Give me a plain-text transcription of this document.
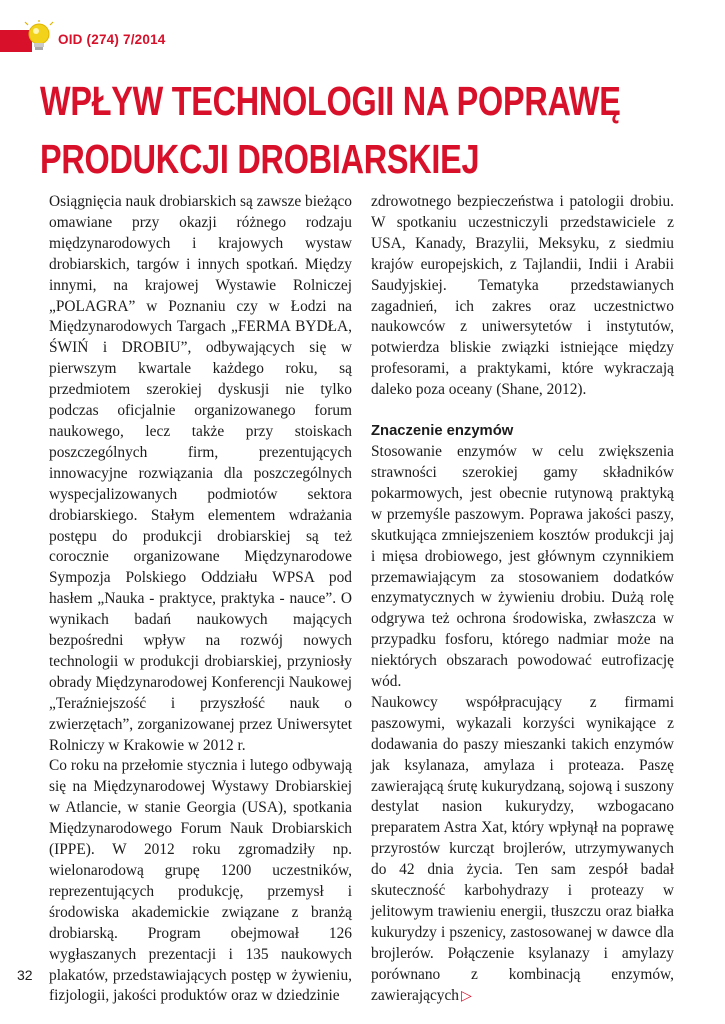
OID (274) 7/2014
WPŁYW TECHNOLOGII NA POPRAWĘ
PRODUKCJI DROBIARSKIEJ

Osiągnięcia nauk drobiarskich są zawsze bieżąco omawiane przy okazji różnego rodzaju międzynarodowych i krajowych wystaw drobiarskich, targów i innych spotkań. Między innymi, na krajowej Wystawie Rolniczej „POLAGRA” w Poznaniu czy w Łodzi na Międzynarodowych Targach „FERMA BYDŁA, ŚWIŃ i DROBIU”, odbywających się w pierwszym kwartale każdego roku, są przedmiotem szerokiej dyskusji nie tylko podczas oficjalnie organizowanego forum naukowego, lecz także przy stoiskach poszczególnych firm, prezentujących innowacyjne rozwiązania dla poszczególnych wyspecjalizowanych podmiotów sektora drobiarskiego. Stałym elementem wdrażania postępu do produkcji drobiarskiej są też corocznie organizowane Międzynarodowe Sympozja Polskiego Oddziału WPSA pod hasłem „Nauka - praktyce, praktyka - nauce”. O wynikach badań naukowych mających bezpośredni wpływ na rozwój nowych technologii w produkcji drobiarskiej, przyniosły obrady Międzynarodowej Konferencji Naukowej „Teraźniejszość i przyszłość nauk o zwierzętach”, zorganizowanej przez Uniwersytet Rolniczy w Krakowie w 2012 r.

Co roku na przełomie stycznia i lutego odbywają się na Międzynarodowej Wystawy Drobiarskiej w Atlancie, w stanie Georgia (USA), spotkania Międzynarodowego Forum Nauk Drobiarskich (IPPE). W 2012 roku zgromadziły np. wielonarodową grupę 1200 uczestników, reprezentujących produkcję, przemysł i środowiska akademickie związane z branżą drobiarską. Program obejmował 126 wygłaszanych prezentacji i 135 naukowych plakatów, przedstawiających postęp w żywieniu, fizjologii, jakości produktów oraz w dziedzinie

zdrowotnego bezpieczeństwa i patologii drobiu. W spotkaniu uczestniczyli przedstawiciele z USA, Kanady, Brazylii, Meksyku, z siedmiu krajów europejskich, z Tajlandii, Indii i Arabii Saudyjskiej. Tematyka przedstawianych zagadnień, ich zakres oraz uczestnictwo naukowców z uniwersytetów i instytutów, potwierdza bliskie związki istniejące między profesorami, a praktykami, które wykraczają daleko poza oceany (Shane, 2012).

Znaczenie enzymów

Stosowanie enzymów w celu zwiększenia strawności szerokiej gamy składników pokarmowych, jest obecnie rutynową praktyką w przemyśle paszowym. Poprawa jakości paszy, skutkująca zmniejszeniem kosztów produkcji jaj i mięsa drobiowego, jest głównym czynnikiem przemawiającym za stosowaniem dodatków enzymatycznych w żywieniu drobiu. Dużą rolę odgrywa też ochrona środowiska, zwłaszcza w przypadku fosforu, którego nadmiar może na niektórych obszarach powodować eutrofizację wód.

Naukowcy współpracujący z firmami paszowymi, wykazali korzyści wynikające z dodawania do paszy mieszanki takich enzymów jak ksylanaza, amylaza i proteaza. Paszę zawierającą śrutę kukurydzaną, sojową i suszony destylat nasion kukurydzy, wzbogacano preparatem Astra Xat, który wpłynął na poprawę przyrostów kurcząt brojlerów, utrzymywanych do 42 dnia życia. Ten sam zespół badał skuteczność karbohydrazy i proteazy w jelitowym trawieniu energii, tłuszczu oraz białka kukurydzy i pszenicy, zastosowanej w dawce dla brojlerów. Połączenie ksylanazy i amylazy porównano z kombinacją enzymów, zawierających ▷

32
